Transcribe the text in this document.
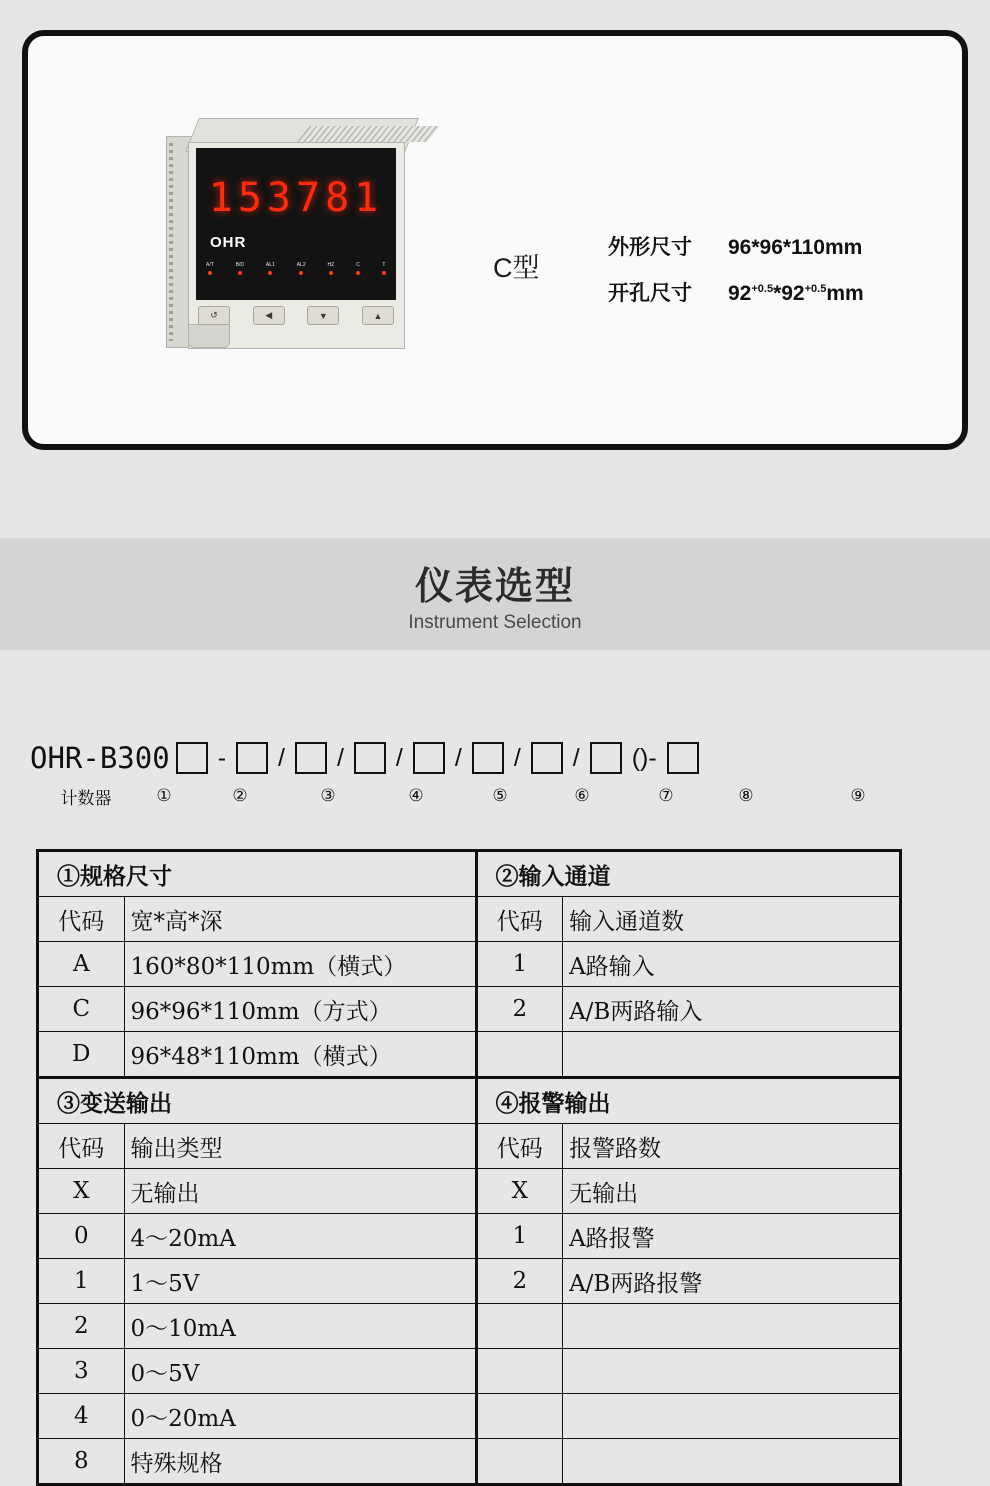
153781
OHR
A/T	B/D	AL1	AL2	HZ	C	T
↺	◀	▼	▲
C型
外形尺寸	96*96*110mm
开孔尺寸	$92^{+0.5}*92^{+0.5}mm$
仪表选型
Instrument Selection
OHR-B300 - / / / / / / ()-
计数器	①	②	③	④	⑤	⑥	⑦	⑧	⑨
①规格尺寸		②输入通道	
代码	宽*高*深	代码	输入通道数
A	160*80*110mm（横式）	1	A路输入
C	96*96*110mm（方式）	2	A/B两路输入
D	96*48*110mm（横式）		
③变送输出		④报警输出	
代码	输出类型	代码	报警路数
X	无输出	X	无输出
0	4～20mA	1	A路报警
1	1～5V	2	A/B两路报警
2	0～10mA		
3	0～5V		
4	0～20mA		
8	特殊规格		
